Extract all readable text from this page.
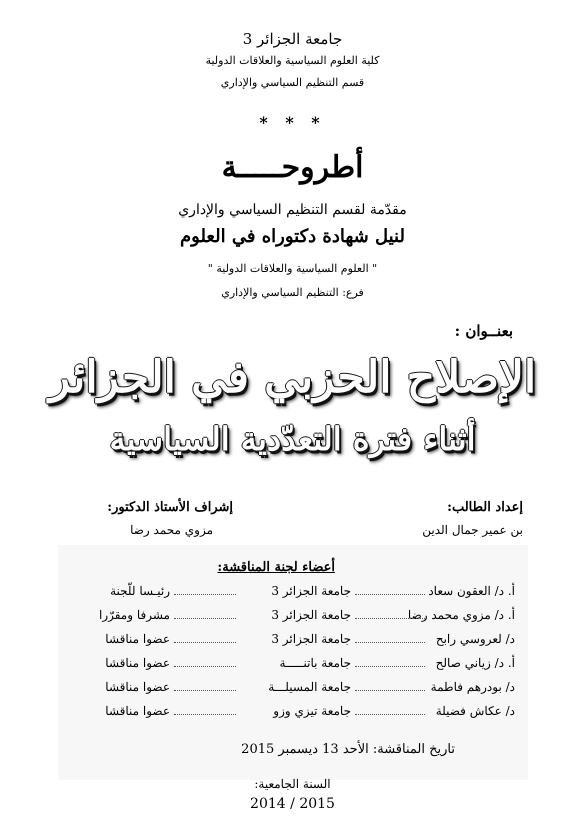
جامعة الجزائر 3
كلية العلوم السياسية والعلاقات الدولية
قسم التنظيم السياسي والإداري
* * *
أطروحـــــة
مقدّمة لقسم التنظيم السياسي والإداري
لنيل شهادة دكتوراه في العلوم
" العلوم السياسية والعلاقات الدولية "
فرع: التنظيم السياسي والإداري
بعنــوان :
الإصلاح الحزبي في الجزائر
أثناء فترة التعدّدية السياسية
إعداد الطالب:
بن عمير جمال الدين
إشراف الأستاذ الدكتور:
مزوي محمد رضا
أعضاء لجنة المناقشة:
أ. د/ العقون سعاد
جامعة الجزائر 3
رئيـسا للّجنة
أ. د/ مزوي محمد رضا
جامعة الجزائر 3
مشرفا ومقرّرا
د/ لعروسي رابح
جامعة الجزائر 3
عضوا مناقشا
أ. د/ زياني صالح
جامعة باتنـــــة
عضوا مناقشا
د/ بودرهم فاطمة
جامعة المسيلـــة
عضوا مناقشا
د/ عكاش فضيلة
جامعة تيزي وزو
عضوا مناقشا
تاريخ المناقشة: الأحد 13 ديسمبر 2015
السنة الجامعية:
2015 / 2014
